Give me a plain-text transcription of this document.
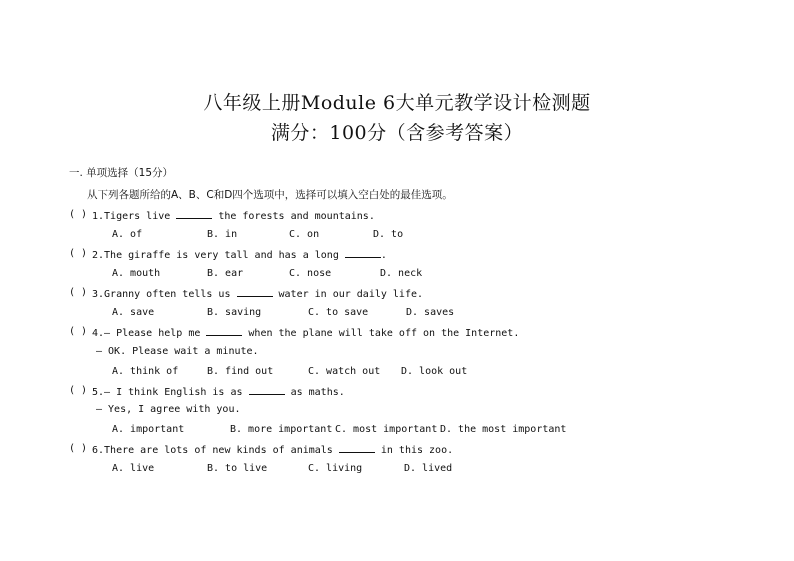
八年级上册Module 6大单元教学设计检测题
满分：100分（含参考答案）
一. 单项选择（15分）
从下列各题所给的A、B、C和D四个选项中，选择可以填入空白处的最佳选项。
( ) 1.Tigers live	the forests and mountains.
A. of	B. in	C. on	D. to
( ) 2.The giraffe is very tall and has a long	.
A. mouth	B. ear	C. nose	D. neck
( ) 3.Granny often tells us	water in our daily life.
A. save	B. saving	C. to save	D. saves
( ) 4.— Please help me	when the plane will take off on the Internet.
— OK. Please wait a minute.
A. think of	B. find out	C. watch out D. look out
( ) 5.— I think English is as	as maths.
— Yes, I agree with you.
A. important	B. more important C. most important D. the most important
( ) 6.There are lots of new kinds of animals	in this zoo.
A. live	B. to live	C. living	D. lived
